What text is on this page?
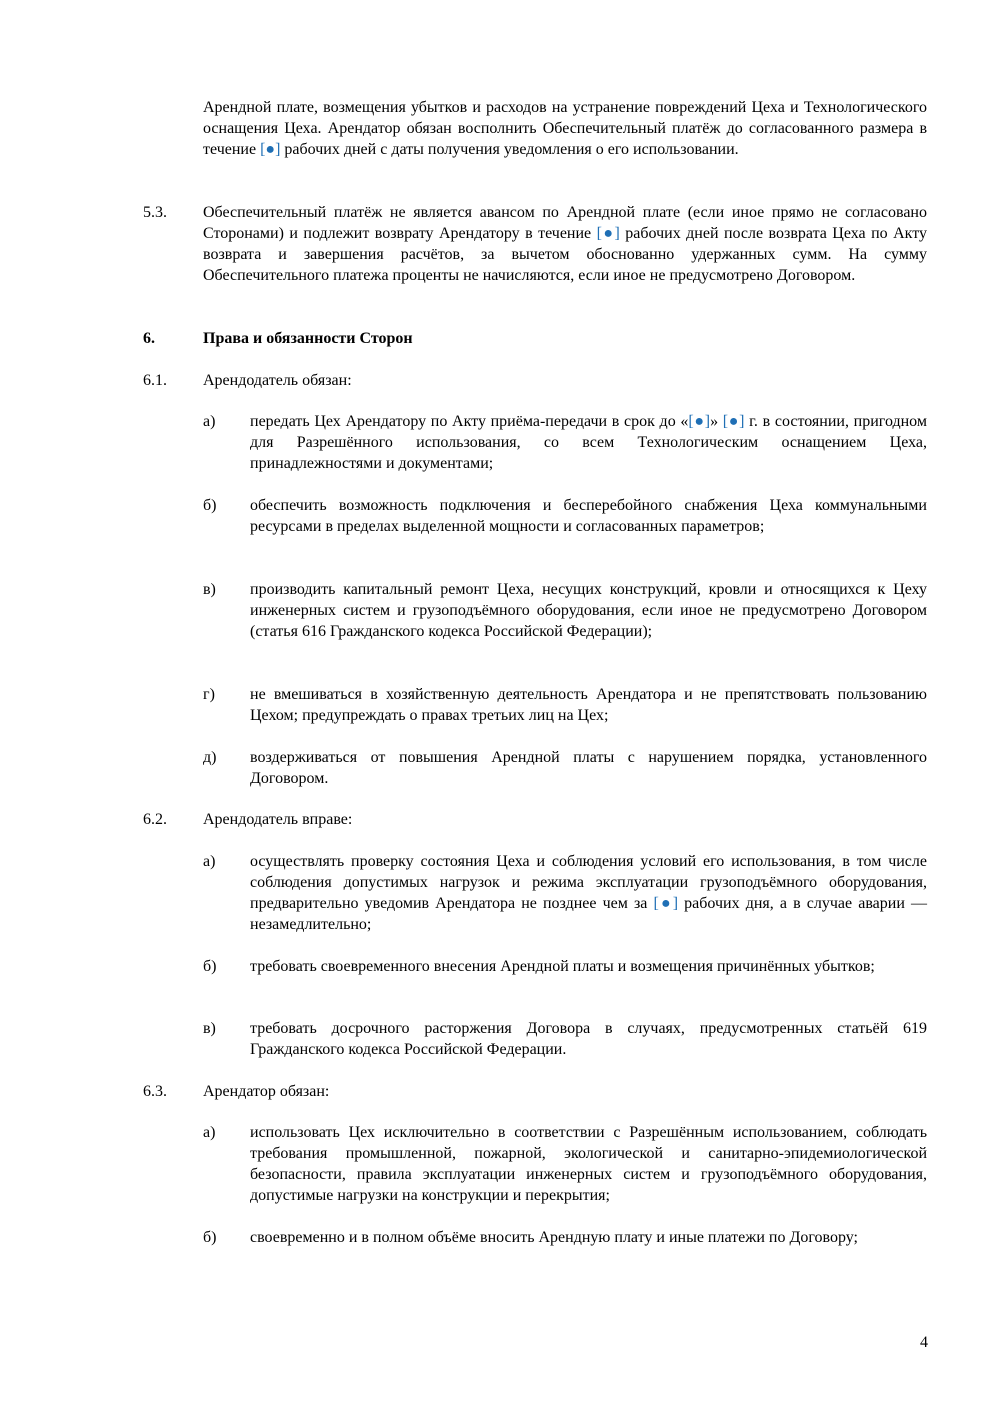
Арендной плате, возмещения убытков и расходов на устранение повреждений Цеха и Технологического оснащения Цеха. Арендатор обязан восполнить Обеспечительный платёж до согласованного размера в течение [●] рабочих дней с даты получения уведомления о его использовании.
5.3. Обеспечительный платёж не является авансом по Арендной плате (если иное прямо не согласовано Сторонами) и подлежит возврату Арендатору в течение [●] рабочих дней после возврата Цеха по Акту возврата и завершения расчётов, за вычетом обоснованно удержанных сумм. На сумму Обеспечительного платежа проценты не начисляются, если иное не предусмотрено Договором.
6.	Права и обязанности Сторон
6.1. Арендодатель обязан:
а) передать Цех Арендатору по Акту приёма-передачи в срок до «[●]» [●] г. в состоянии, пригодном для Разрешённого использования, со всем Технологическим оснащением Цеха, принадлежностями и документами;
б) обеспечить возможность подключения и бесперебойного снабжения Цеха коммунальными ресурсами в пределах выделенной мощности и согласованных параметров;
в) производить капитальный ремонт Цеха, несущих конструкций, кровли и относящихся к Цеху инженерных систем и грузоподъёмного оборудования, если иное не предусмотрено Договором (статья 616 Гражданского кодекса Российской Федерации);
г) не вмешиваться в хозяйственную деятельность Арендатора и не препятствовать пользованию Цехом; предупреждать о правах третьих лиц на Цех;
д) воздерживаться от повышения Арендной платы с нарушением порядка, установленного Договором.
6.2. Арендодатель вправе:
а) осуществлять проверку состояния Цеха и соблюдения условий его использования, в том числе соблюдения допустимых нагрузок и режима эксплуатации грузоподъёмного оборудования, предварительно уведомив Арендатора не позднее чем за [●] рабочих дня, а в случае аварии — незамедлительно;
б) требовать своевременного внесения Арендной платы и возмещения причинённых убытков;
в) требовать досрочного расторжения Договора в случаях, предусмотренных статьёй 619 Гражданского кодекса Российской Федерации.
6.3. Арендатор обязан:
а) использовать Цех исключительно в соответствии с Разрешённым использованием, соблюдать требования промышленной, пожарной, экологической и санитарно-эпидемиологической безопасности, правила эксплуатации инженерных систем и грузоподъёмного оборудования, допустимые нагрузки на конструкции и перекрытия;
б) своевременно и в полном объёме вносить Арендную плату и иные платежи по Договору;
4
